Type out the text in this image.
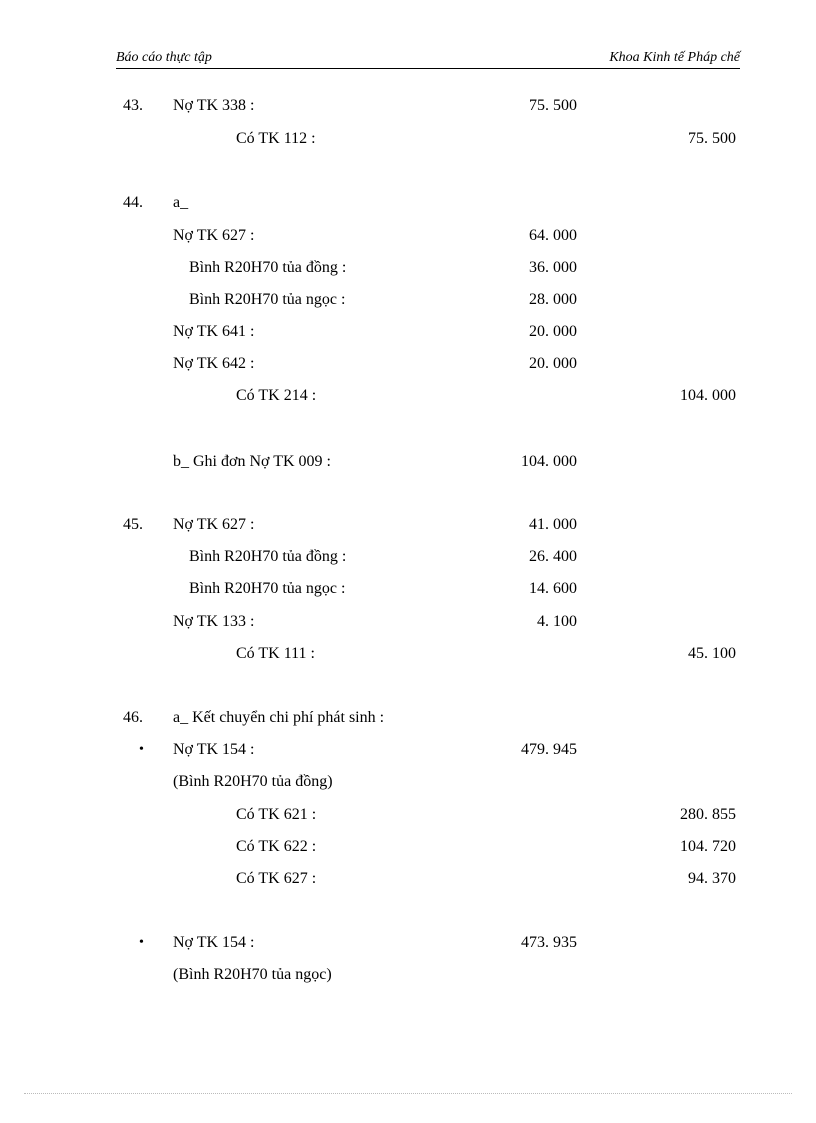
Báo cáo thực tập	Khoa Kinh tế Pháp chế
43. Nợ TK 338 :	75. 500
Có TK 112 :	75. 500
44. a_
Nợ TK 627 :	64. 000
Bình R20H70 tủa đồng :	36. 000
Bình R20H70 tủa ngọc :	28. 000
Nợ TK 641 :	20. 000
Nợ TK 642 :	20. 000
Có TK 214 :	104. 000
b_ Ghi đơn Nợ TK 009 :	104. 000
45. Nợ TK 627 :	41. 000
Bình R20H70 tủa đồng :	26. 400
Bình R20H70 tủa ngọc :	14. 600
Nợ TK 133 :	4. 100
Có TK 111 :	45. 100
46. a_ Kết chuyển chi phí phát sinh :
• Nợ TK 154 :	479. 945
(Bình R20H70 tủa đồng)
Có TK 621 :	280. 855
Có TK 622 :	104. 720
Có TK 627 :	94. 370
• Nợ TK 154 :	473. 935
(Bình R20H70 tủa ngọc)
